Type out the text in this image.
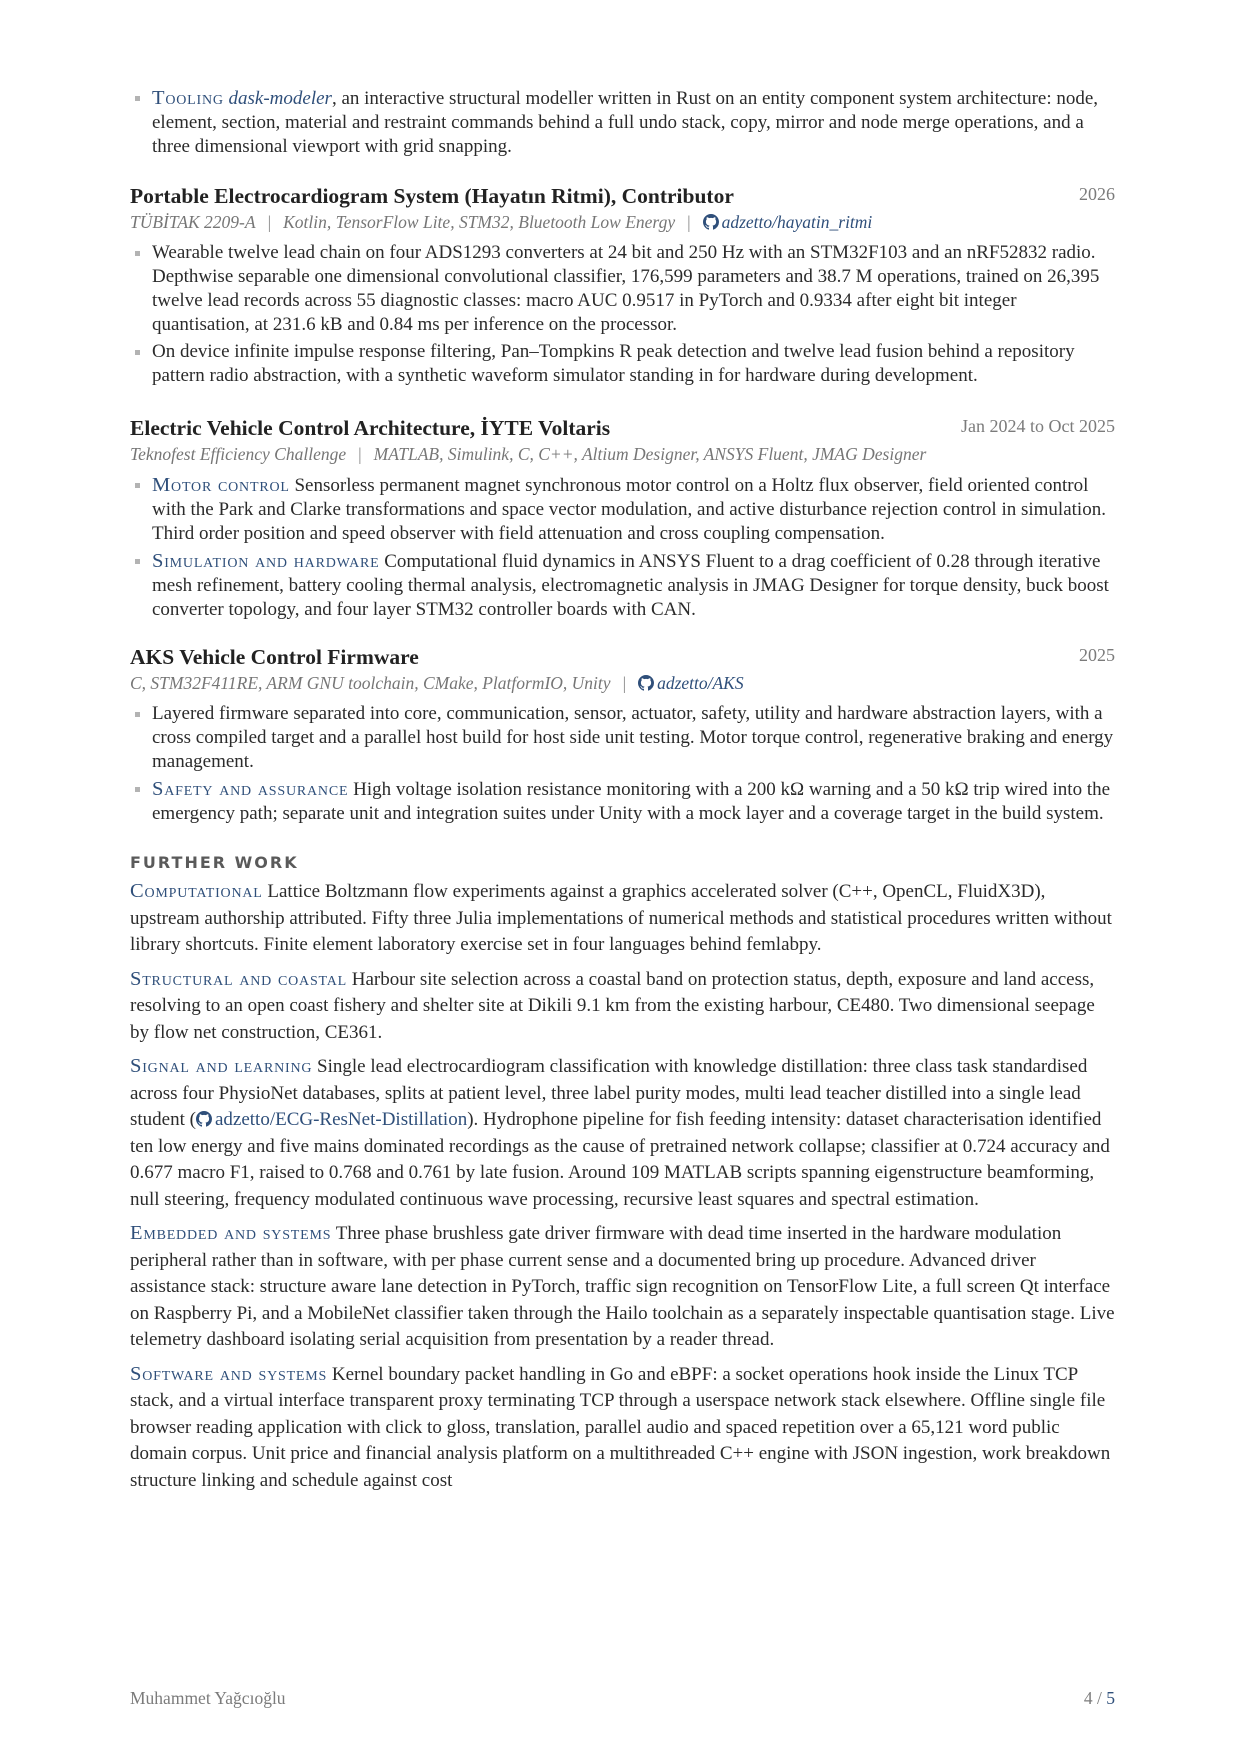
Tooling dask-modeler, an interactive structural modeller written in Rust on an entity component system architecture: node, element, section, material and restraint commands behind a full undo stack, copy, mirror and node merge operations, and a three dimensional viewport with grid snapping.
Portable Electrocardiogram System (Hayatın Ritmi), Contributor	2026
TÜBİTAK 2209-A | Kotlin, TensorFlow Lite, STM32, Bluetooth Low Energy | adzetto/hayatin_ritmi
Wearable twelve lead chain on four ADS1293 converters at 24 bit and 250 Hz with an STM32F103 and an nRF52832 radio. Depthwise separable one dimensional convolutional classifier, 176,599 parameters and 38.7 M operations, trained on 26,395 twelve lead records across 55 diagnostic classes: macro AUC 0.9517 in PyTorch and 0.9334 after eight bit integer quantisation, at 231.6 kB and 0.84 ms per inference on the processor.
On device infinite impulse response filtering, Pan–Tompkins R peak detection and twelve lead fusion behind a repository pattern radio abstraction, with a synthetic waveform simulator standing in for hardware during development.
Electric Vehicle Control Architecture, İYTE Voltaris	Jan 2024 to Oct 2025
Teknofest Efficiency Challenge | MATLAB, Simulink, C, C++, Altium Designer, ANSYS Fluent, JMAG Designer
Motor control Sensorless permanent magnet synchronous motor control on a Holtz flux observer, field oriented control with the Park and Clarke transformations and space vector modulation, and active disturbance rejection control in simulation. Third order position and speed observer with field attenuation and cross coupling compensation.
Simulation and hardware Computational fluid dynamics in ANSYS Fluent to a drag coefficient of 0.28 through iterative mesh refinement, battery cooling thermal analysis, electromagnetic analysis in JMAG Designer for torque density, buck boost converter topology, and four layer STM32 controller boards with CAN.
AKS Vehicle Control Firmware	2025
C, STM32F411RE, ARM GNU toolchain, CMake, PlatformIO, Unity | adzetto/AKS
Layered firmware separated into core, communication, sensor, actuator, safety, utility and hardware abstraction layers, with a cross compiled target and a parallel host build for host side unit testing. Motor torque control, regenerative braking and energy management.
Safety and assurance High voltage isolation resistance monitoring with a 200 kΩ warning and a 50 kΩ trip wired into the emergency path; separate unit and integration suites under Unity with a mock layer and a coverage target in the build system.
FURTHER WORK

Computational Lattice Boltzmann flow experiments against a graphics accelerated solver (C++, OpenCL, FluidX3D), upstream authorship attributed. Fifty three Julia implementations of numerical methods and statistical procedures written without library shortcuts. Finite element laboratory exercise set in four languages behind femlabpy.

Structural and coastal Harbour site selection across a coastal band on protection status, depth, exposure and land access, resolving to an open coast fishery and shelter site at Dikili 9.1 km from the existing harbour, CE480. Two dimensional seepage by flow net construction, CE361.

Signal and learning Single lead electrocardiogram classification with knowledge distillation: three class task standardised across four PhysioNet databases, splits at patient level, three label purity modes, multi lead teacher distilled into a single lead student ( adzetto/ECG-ResNet-Distillation). Hydrophone pipeline for fish feeding intensity: dataset characterisation identified ten low energy and five mains dominated recordings as the cause of pretrained network collapse; classifier at 0.724 accuracy and 0.677 macro F1, raised to 0.768 and 0.761 by late fusion. Around 109 MATLAB scripts spanning eigenstructure beamforming, null steering, frequency modulated continuous wave processing, recursive least squares and spectral estimation.

Embedded and systems Three phase brushless gate driver firmware with dead time inserted in the hardware modulation peripheral rather than in software, with per phase current sense and a documented bring up procedure. Advanced driver assistance stack: structure aware lane detection in PyTorch, traffic sign recognition on TensorFlow Lite, a full screen Qt interface on Raspberry Pi, and a MobileNet classifier taken through the Hailo toolchain as a separately inspectable quantisation stage. Live telemetry dashboard isolating serial acquisition from presentation by a reader thread.

Software and systems Kernel boundary packet handling in Go and eBPF: a socket operations hook inside the Linux TCP stack, and a virtual interface transparent proxy terminating TCP through a userspace network stack elsewhere. Offline single file browser reading application with click to gloss, translation, parallel audio and spaced repetition over a 65,121 word public domain corpus. Unit price and financial analysis platform on a multithreaded C++ engine with JSON ingestion, work breakdown structure linking and schedule against cost

Muhammet Yağcıoğlu	4 / 5
